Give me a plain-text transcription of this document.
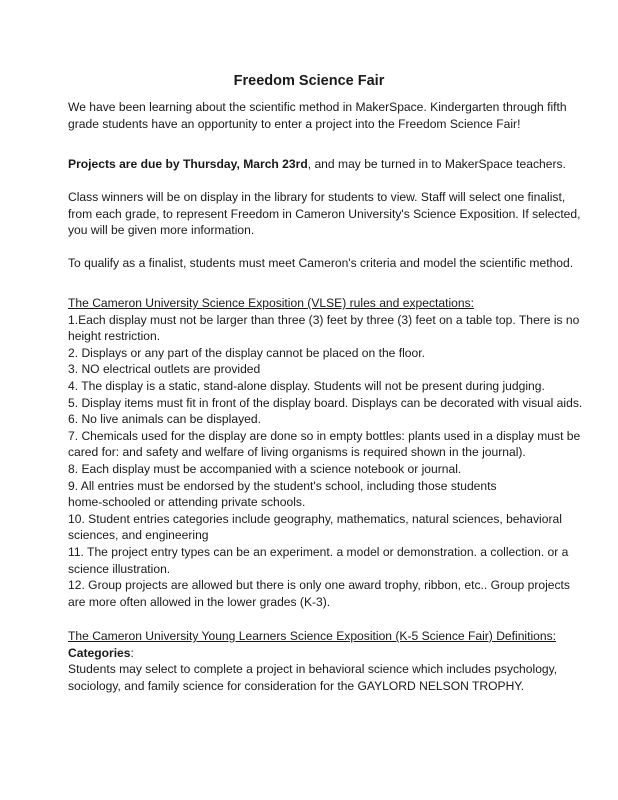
Freedom Science Fair
We have been learning about the scientific method in MakerSpace. Kindergarten through fifth
grade students have an opportunity to enter a project into the Freedom Science Fair!
Projects are due by Thursday, March 23rd, and may be turned in to MakerSpace teachers.
Class winners will be on display in the library for students to view. Staff will select one finalist,
from each grade, to represent Freedom in Cameron University's Science Exposition. If selected,
you will be given more information.
To qualify as a finalist, students must meet Cameron's criteria and model the scientific method.
The Cameron University Science Exposition (VLSE) rules and expectations:
1.Each display must not be larger than three (3) feet by three (3) feet on a table top. There is no
height restriction.
2. Displays or any part of the display cannot be placed on the floor.
3. NO electrical outlets are provided
4. The display is a static, stand-alone display. Students will not be present during judging.
5. Display items must fit in front of the display board. Displays can be decorated with visual aids.
6. No live animals can be displayed.
7. Chemicals used for the display are done so in empty bottles: plants used in a display must be
cared for: and safety and welfare of living organisms is required shown in the journal).
8. Each display must be accompanied with a science notebook or journal.
9. All entries must be endorsed by the student's school, including those students
home-schooled or attending private schools.
10. Student entries categories include geography, mathematics, natural sciences, behavioral
sciences, and engineering
11. The project entry types can be an experiment. a model or demonstration. a collection. or a
science illustration.
12. Group projects are allowed but there is only one award trophy, ribbon, etc.. Group projects
are more often allowed in the lower grades (K-3).
The Cameron University Young Learners Science Exposition (K-5 Science Fair) Definitions:
Categories:
Students may select to complete a project in behavioral science which includes psychology,
sociology, and family science for consideration for the GAYLORD NELSON TROPHY.
